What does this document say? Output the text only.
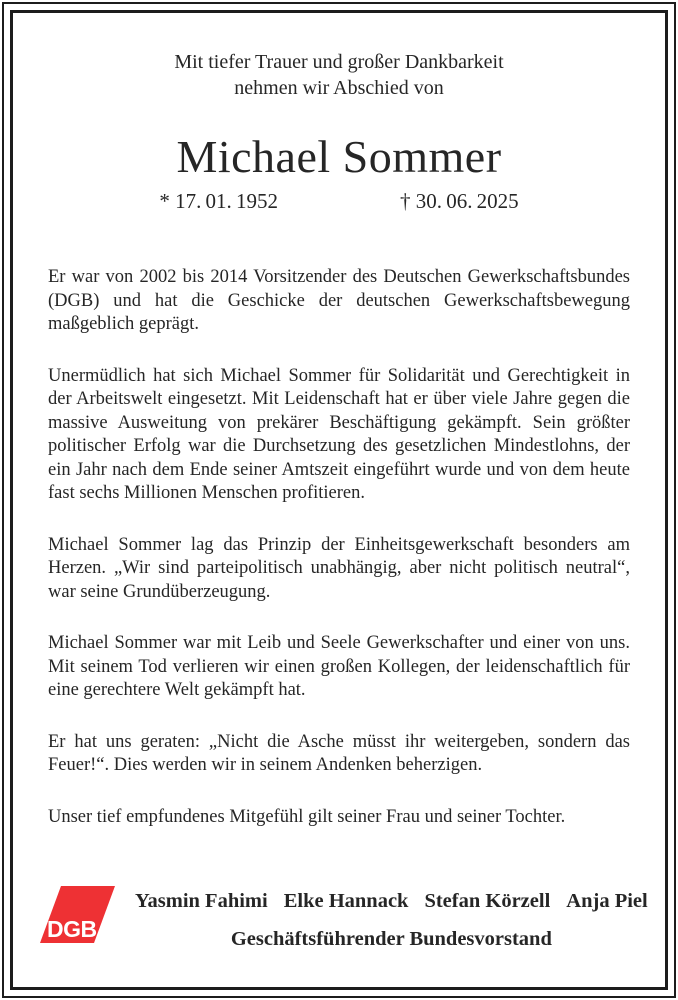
Mit tiefer Trauer und großer Dankbarkeit
nehmen wir Abschied von
Michael Sommer
* 17. 01. 1952	† 30. 06. 2025

Er war von 2002 bis 2014 Vorsitzender des Deutschen Gewerkschaftsbundes (DGB) und hat die Geschicke der deutschen Gewerkschaftsbewegung maßgeblich geprägt.

Unermüdlich hat sich Michael Sommer für Solidarität und Gerechtigkeit in der Arbeitswelt eingesetzt. Mit Leidenschaft hat er über viele Jahre gegen die massive Ausweitung von prekärer Beschäftigung gekämpft. Sein größter politischer Erfolg war die Durchsetzung des gesetzlichen Mindestlohns, der ein Jahr nach dem Ende seiner Amtszeit eingeführt wurde und von dem heute fast sechs Millionen Menschen profitieren.

Michael Sommer lag das Prinzip der Einheitsgewerkschaft besonders am Herzen. „Wir sind parteipolitisch unabhängig, aber nicht politisch neutral“, war seine Grundüberzeugung.

Michael Sommer war mit Leib und Seele Gewerkschafter und einer von uns. Mit seinem Tod verlieren wir einen großen Kollegen, der leidenschaftlich für eine gerechtere Welt gekämpft hat.

Er hat uns geraten: „Nicht die Asche müsst ihr weitergeben, sondern das Feuer!“. Dies werden wir in seinem Andenken beherzigen.

Unser tief empfundenes Mitgefühl gilt seiner Frau und seiner Tochter.

DGB
Yasmin Fahimi Elke Hannack Stefan Körzell Anja Piel
Geschäftsführender Bundesvorstand
